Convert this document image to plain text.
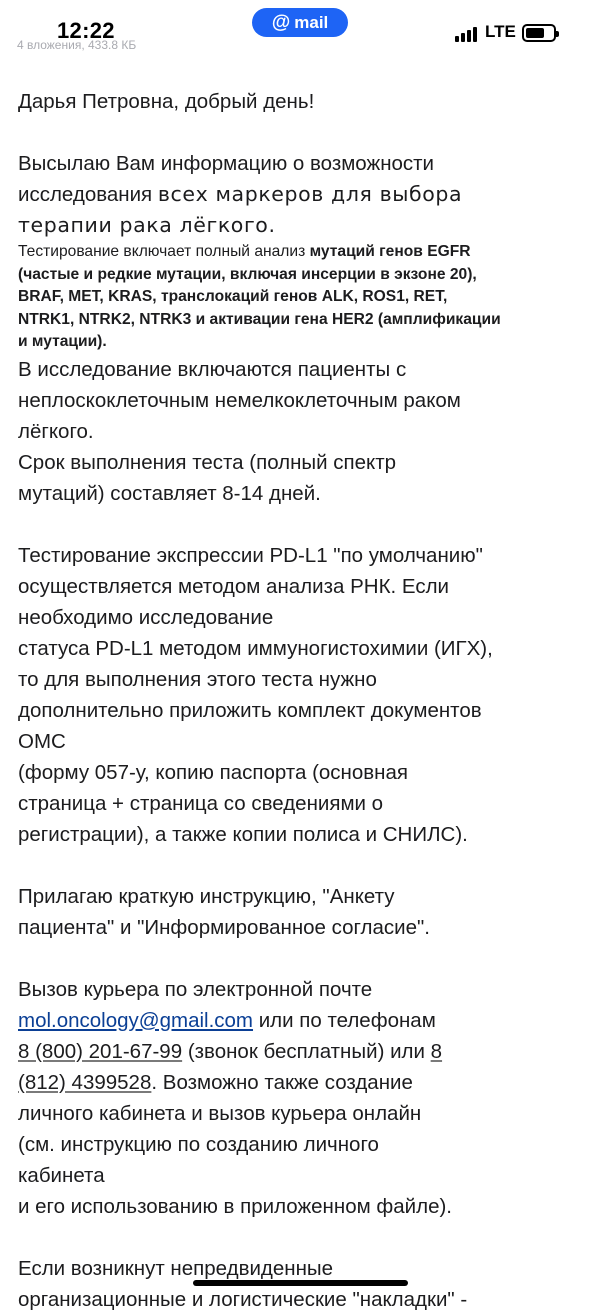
12:22	@ mail	LTE
4 вложения, 433.8 КБ
Дарья Петровна, добрый день!
Высылаю Вам информацию о возможности
исследования всех маркеров для выбора
терапии рака лёгкого.
Тестирование включает полный анализ мутаций генов EGFR
(частые и редкие мутации, включая инсерции в экзоне 20),
BRAF, MET, KRAS, транслокаций генов ALK, ROS1, RET,
NTRK1, NTRK2, NTRK3 и активации гена HER2 (амплификации
и мутации).
В исследование включаются пациенты с
неплоскоклеточным немелкоклеточным раком
лёгкого.
Срок выполнения теста (полный спектр
мутаций) составляет 8-14 дней.
Тестирование экспрессии PD-L1 "по умолчанию"
осуществляется методом анализа РНК. Если
необходимо исследование
статуса PD-L1 методом иммуногистохимии (ИГХ),
то для выполнения этого теста нужно
дополнительно приложить комплект документов
ОМС
(форму 057-у, копию паспорта (основная
страница + страница со сведениями о
регистрации), а также копии полиса и СНИЛС).
Прилагаю краткую инструкцию, "Анкету
пациента" и "Информированное согласие".
Вызов курьера по электронной почте
mol.oncology@gmail.com или по телефонам
8 (800) 201-67-99 (звонок бесплатный) или 8
(812) 4399528. Возможно также создание
личного кабинета и вызов курьера онлайн
(см. инструкцию по созданию личного
кабинета
и его использованию в приложенном файле).
Если возникнут непредвиденные
организационные и логистические "накладки" -
